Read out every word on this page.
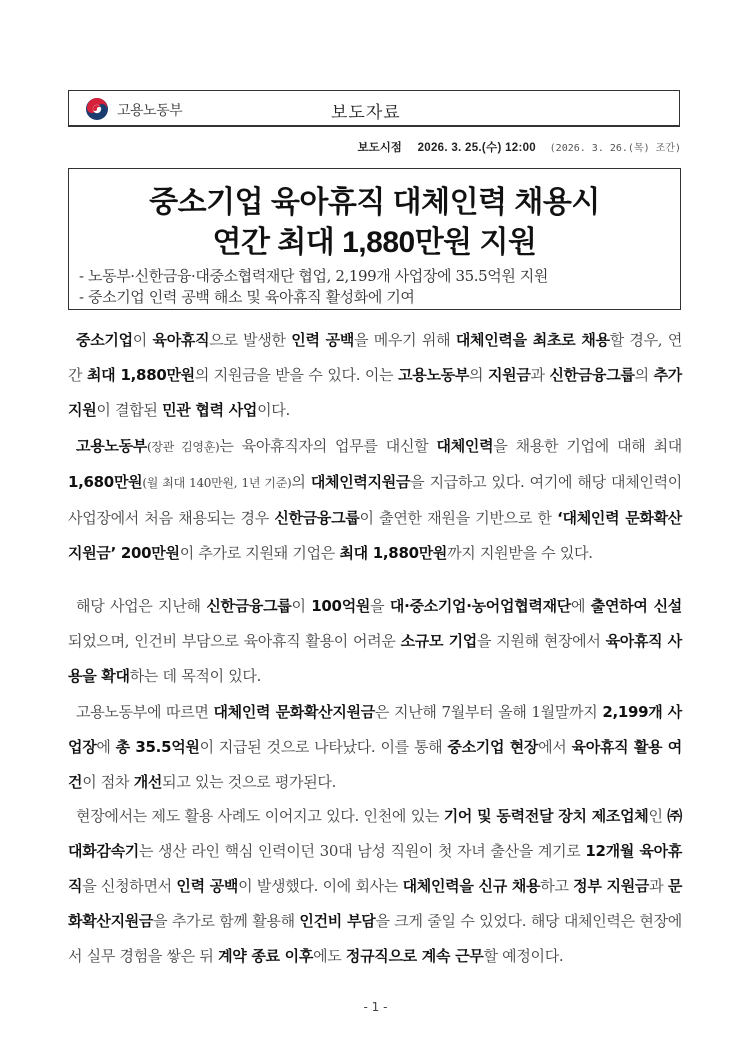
고용노동부	보도자료
보도시점 2026. 3. 25.(수) 12:00 (2026. 3. 26.(목) 조간)
중소기업 육아휴직 대체인력 채용시
연간 최대 1,880만원 지원
- 노동부·신한금융·대중소협력재단 협업, 2,199개 사업장에 35.5억원 지원
- 중소기업 인력 공백 해소 및 육아휴직 활성화에 기여

중소기업이 육아휴직으로 발생한 인력 공백을 메우기 위해 대체인력을 최초로 채용할 경우, 연간 최대 1,880만원의 지원금을 받을 수 있다. 이는 고용노동부의 지원금과 신한금융그룹의 추가 지원이 결합된 민관 협력 사업이다.

고용노동부(장관 김영훈)는 육아휴직자의 업무를 대신할 대체인력을 채용한 기업에 대해 최대 1,680만원(월 최대 140만원, 1년 기준)의 대체인력지원금을 지급하고 있다. 여기에 해당 대체인력이 사업장에서 처음 채용되는 경우 신한금융그룹이 출연한 재원을 기반으로 한 ‘대체인력 문화확산지원금’ 200만원이 추가로 지원돼 기업은 최대 1,880만원까지 지원받을 수 있다.

해당 사업은 지난해 신한금융그룹이 100억원을 대·중소기업·농어업협력재단에 출연하여 신설되었으며, 인건비 부담으로 육아휴직 활용이 어려운 소규모 기업을 지원해 현장에서 육아휴직 사용을 확대하는 데 목적이 있다.

고용노동부에 따르면 대체인력 문화확산지원금은 지난해 7월부터 올해 1월말까지 2,199개 사업장에 총 35.5억원이 지급된 것으로 나타났다. 이를 통해 중소기업 현장에서 육아휴직 활용 여건이 점차 개선되고 있는 것으로 평가된다.

현장에서는 제도 활용 사례도 이어지고 있다. 인천에 있는 기어 및 동력전달 장치 제조업체인 ㈜대화감속기는 생산 라인 핵심 인력이던 30대 남성 직원이 첫 자녀 출산을 계기로 12개월 육아휴직을 신청하면서 인력 공백이 발생했다. 이에 회사는 대체인력을 신규 채용하고 정부 지원금과 문화확산지원금을 추가로 함께 활용해 인건비 부담을 크게 줄일 수 있었다. 해당 대체인력은 현장에서 실무 경험을 쌓은 뒤 계약 종료 이후에도 정규직으로 계속 근무할 예정이다.

- 1 -
